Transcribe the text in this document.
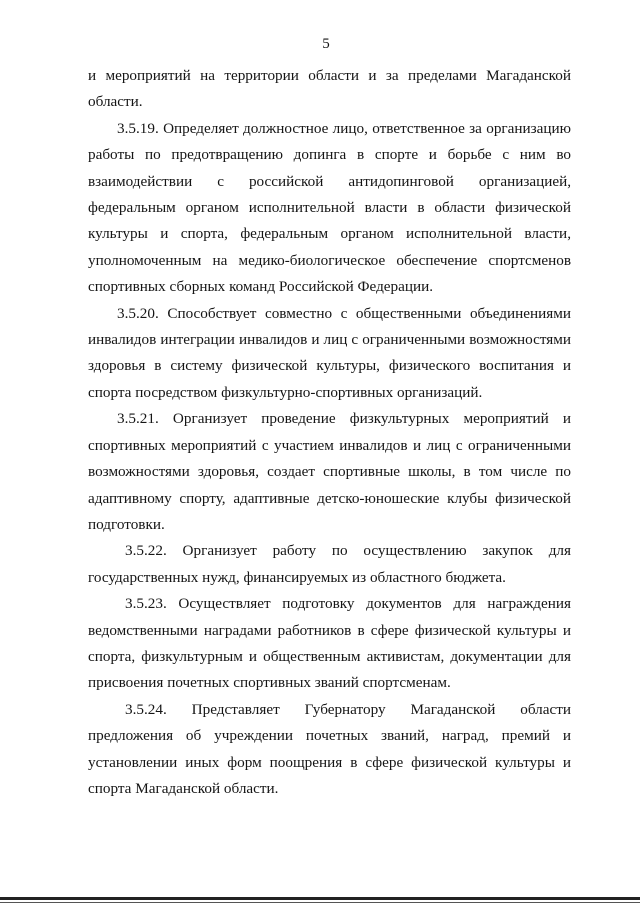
5

и мероприятий на территории области и за пределами Магаданской области.

3.5.19. Определяет должностное лицо, ответственное за организацию работы по предотвращению допинга в спорте и борьбе с ним во взаимодействии с российской антидопинговой организацией, федеральным органом исполнительной власти в области физической культуры и спорта, федеральным органом исполнительной власти, уполномоченным на медико-биологическое обеспечение спортсменов спортивных сборных команд Российской Федерации.

3.5.20. Способствует совместно с общественными объединениями инвалидов интеграции инвалидов и лиц с ограниченными возможностями здоровья в систему физической культуры, физического воспитания и спорта посредством физкультурно-спортивных организаций.

3.5.21. Организует проведение физкультурных мероприятий и спортивных мероприятий с участием инвалидов и лиц с ограниченными возможностями здоровья, создает спортивные школы, в том числе по адаптивному спорту, адаптивные детско-юношеские клубы физической подготовки.

3.5.22. Организует работу по осуществлению закупок для государственных нужд, финансируемых из областного бюджета.

3.5.23. Осуществляет подготовку документов для награждения ведомственными наградами работников в сфере физической культуры и спорта, физкультурным и общественным активистам, документации для присвоения почетных спортивных званий спортсменам.

3.5.24. Представляет Губернатору Магаданской области предложения об учреждении почетных званий, наград, премий и установлении иных форм поощрения в сфере физической культуры и спорта Магаданской области.
